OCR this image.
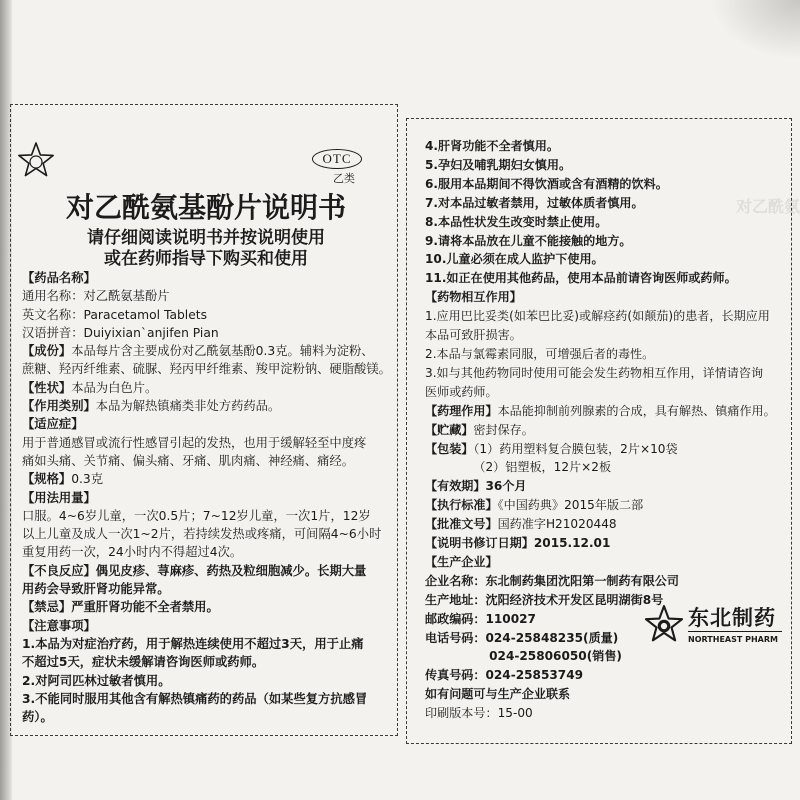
对乙酰氨
OTC
乙类
对乙酰氨基酚片说明书
请仔细阅读说明书并按说明使用
或在药师指导下购买和使用
【药品名称】
通用名称：对乙酰氨基酚片
英文名称：Paracetamol Tablets
汉语拼音：Duiyixian`anjifen Pian
【成份】本品每片含主要成份对乙酰氨基酚0.3克。辅料为淀粉、
蔗糖、羟丙纤维素、硫脲、羟丙甲纤维素、羧甲淀粉钠、硬脂酸镁。
【性状】本品为白色片。
【作用类别】本品为解热镇痛类非处方药药品。
【适应症】
用于普通感冒或流行性感冒引起的发热，也用于缓解轻至中度疼
痛如头痛、关节痛、偏头痛、牙痛、肌肉痛、神经痛、痛经。
【规格】0.3克
【用法用量】
口服。4~6岁儿童，一次0.5片；7~12岁儿童，一次1片，12岁
以上儿童及成人一次1~2片，若持续发热或疼痛，可间隔4~6小时
重复用药一次，24小时内不得超过4次。
【不良反应】偶见皮疹、荨麻疹、药热及粒细胞减少。长期大量
用药会导致肝肾功能异常。
【禁忌】严重肝肾功能不全者禁用。
【注意事项】
1.本品为对症治疗药，用于解热连续使用不超过3天，用于止痛
不超过5天，症状未缓解请咨询医师或药师。
2.对阿司匹林过敏者慎用。
3.不能同时服用其他含有解热镇痛药的药品（如某些复方抗感冒
药）。
4.肝肾功能不全者慎用。
5.孕妇及哺乳期妇女慎用。
6.服用本品期间不得饮酒或含有酒精的饮料。
7.对本品过敏者禁用，过敏体质者慎用。
8.本品性状发生改变时禁止使用。
9.请将本品放在儿童不能接触的地方。
10.儿童必须在成人监护下使用。
11.如正在使用其他药品，使用本品前请咨询医师或药师。
【药物相互作用】
1.应用巴比妥类(如苯巴比妥)或解痉药(如颠茄)的患者，长期应用
本品可致肝损害。
2.本品与氯霉素同服，可增强后者的毒性。
3.如与其他药物同时使用可能会发生药物相互作用，详情请咨询
医师或药师。
【药理作用】本品能抑制前列腺素的合成，具有解热、镇痛作用。
【贮藏】密封保存。
【包装】（1）药用塑料复合膜包装，2片×10袋
（2）铝塑板，12片×2板
【有效期】36个月
【执行标准】《中国药典》2015年版二部
【批准文号】国药准字H21020448
【说明书修订日期】2015.12.01
【生产企业】
企业名称：东北制药集团沈阳第一制药有限公司
生产地址：沈阳经济技术开发区昆明湖街8号
邮政编码：110027
电话号码：024-25848235(质量)
024-25806050(销售)
传真号码：024-25853749
如有问题可与生产企业联系
印刷版本号：15-00
东北制药
NORTHEAST PHARM
